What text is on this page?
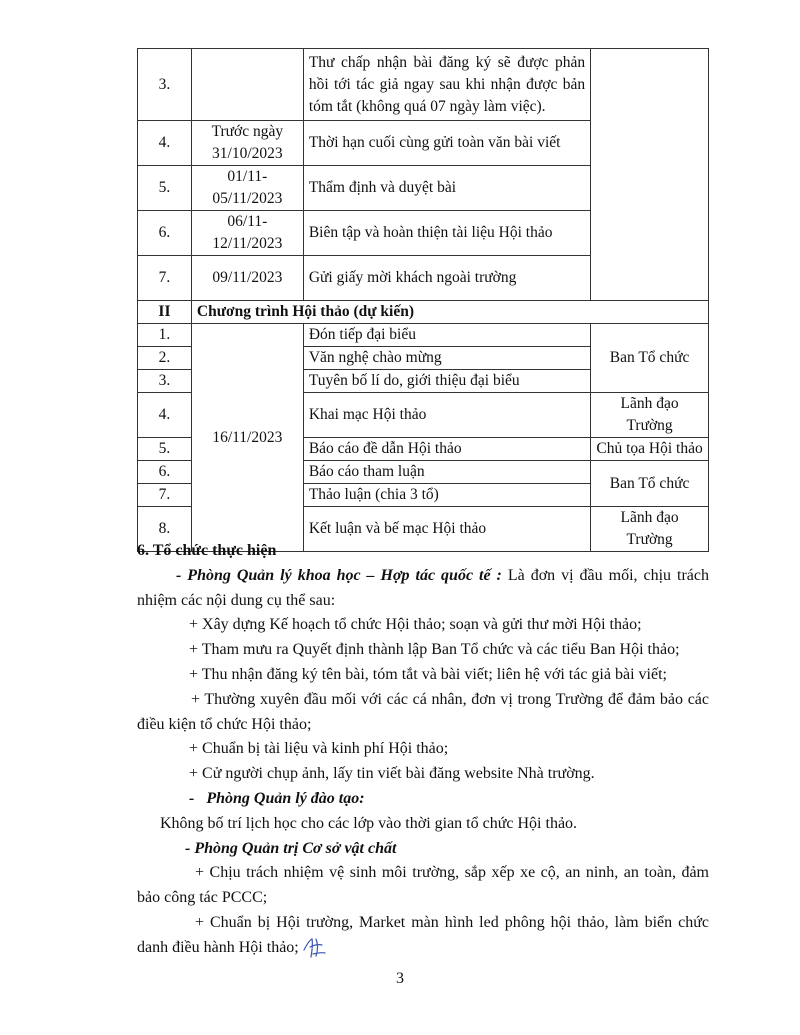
3.		Thư chấp nhận bài đăng ký sẽ được phản hồi tới tác giả ngay sau khi nhận được bản tóm tắt (không quá 07 ngày làm việc).	
4.	Trước ngày 31/10/2023	Thời hạn cuối cùng gửi toàn văn bài viết	
5.	01/11-05/11/2023	Thẩm định và duyệt bài	
6.	06/11-12/11/2023	Biên tập và hoàn thiện tài liệu Hội thảo	
7.	09/11/2023	Gửi giấy mời khách ngoài trường	
II	Chương trình Hội thảo (dự kiến)		
1.	16/11/2023	Đón tiếp đại biểu	Ban Tổ chức
2.		Văn nghệ chào mừng	
3.		Tuyên bố lí do, giới thiệu đại biểu	
4.		Khai mạc Hội thảo	Lãnh đạo Trường
5.		Báo cáo đề dẫn Hội thảo	Chủ tọa Hội thảo
6.		Báo cáo tham luận	Ban Tổ chức
7.		Thảo luận (chia 3 tổ)	
8.		Kết luận và bế mạc Hội thảo	Lãnh đạo Trường

6. Tổ chức thực hiện

- Phòng Quản lý khoa học – Hợp tác quốc tế : Là đơn vị đầu mối, chịu trách nhiệm các nội dung cụ thể sau:

+ Xây dựng Kế hoạch tổ chức Hội thảo; soạn và gửi thư mời Hội thảo;

+ Tham mưu ra Quyết định thành lập Ban Tổ chức và các tiểu Ban Hội thảo;

+ Thu nhận đăng ký tên bài, tóm tắt và bài viết; liên hệ với tác giả bài viết;

+ Thường xuyên đầu mối với các cá nhân, đơn vị trong Trường để đảm bảo các điều kiện tổ chức Hội thảo;

+ Chuẩn bị tài liệu và kinh phí Hội thảo;

+ Cử người chụp ảnh, lấy tin viết bài đăng website Nhà trường.

-   Phòng Quản lý đào tạo:

Không bố trí lịch học cho các lớp vào thời gian tổ chức Hội thảo.

- Phòng Quản trị Cơ sở vật chất

+ Chịu trách nhiệm vệ sinh môi trường, sắp xếp xe cộ, an ninh, an toàn, đảm bảo công tác PCCC;

+ Chuẩn bị Hội trường, Market màn hình led phông hội thảo, làm biển chức danh điều hành Hội thảo;

3
